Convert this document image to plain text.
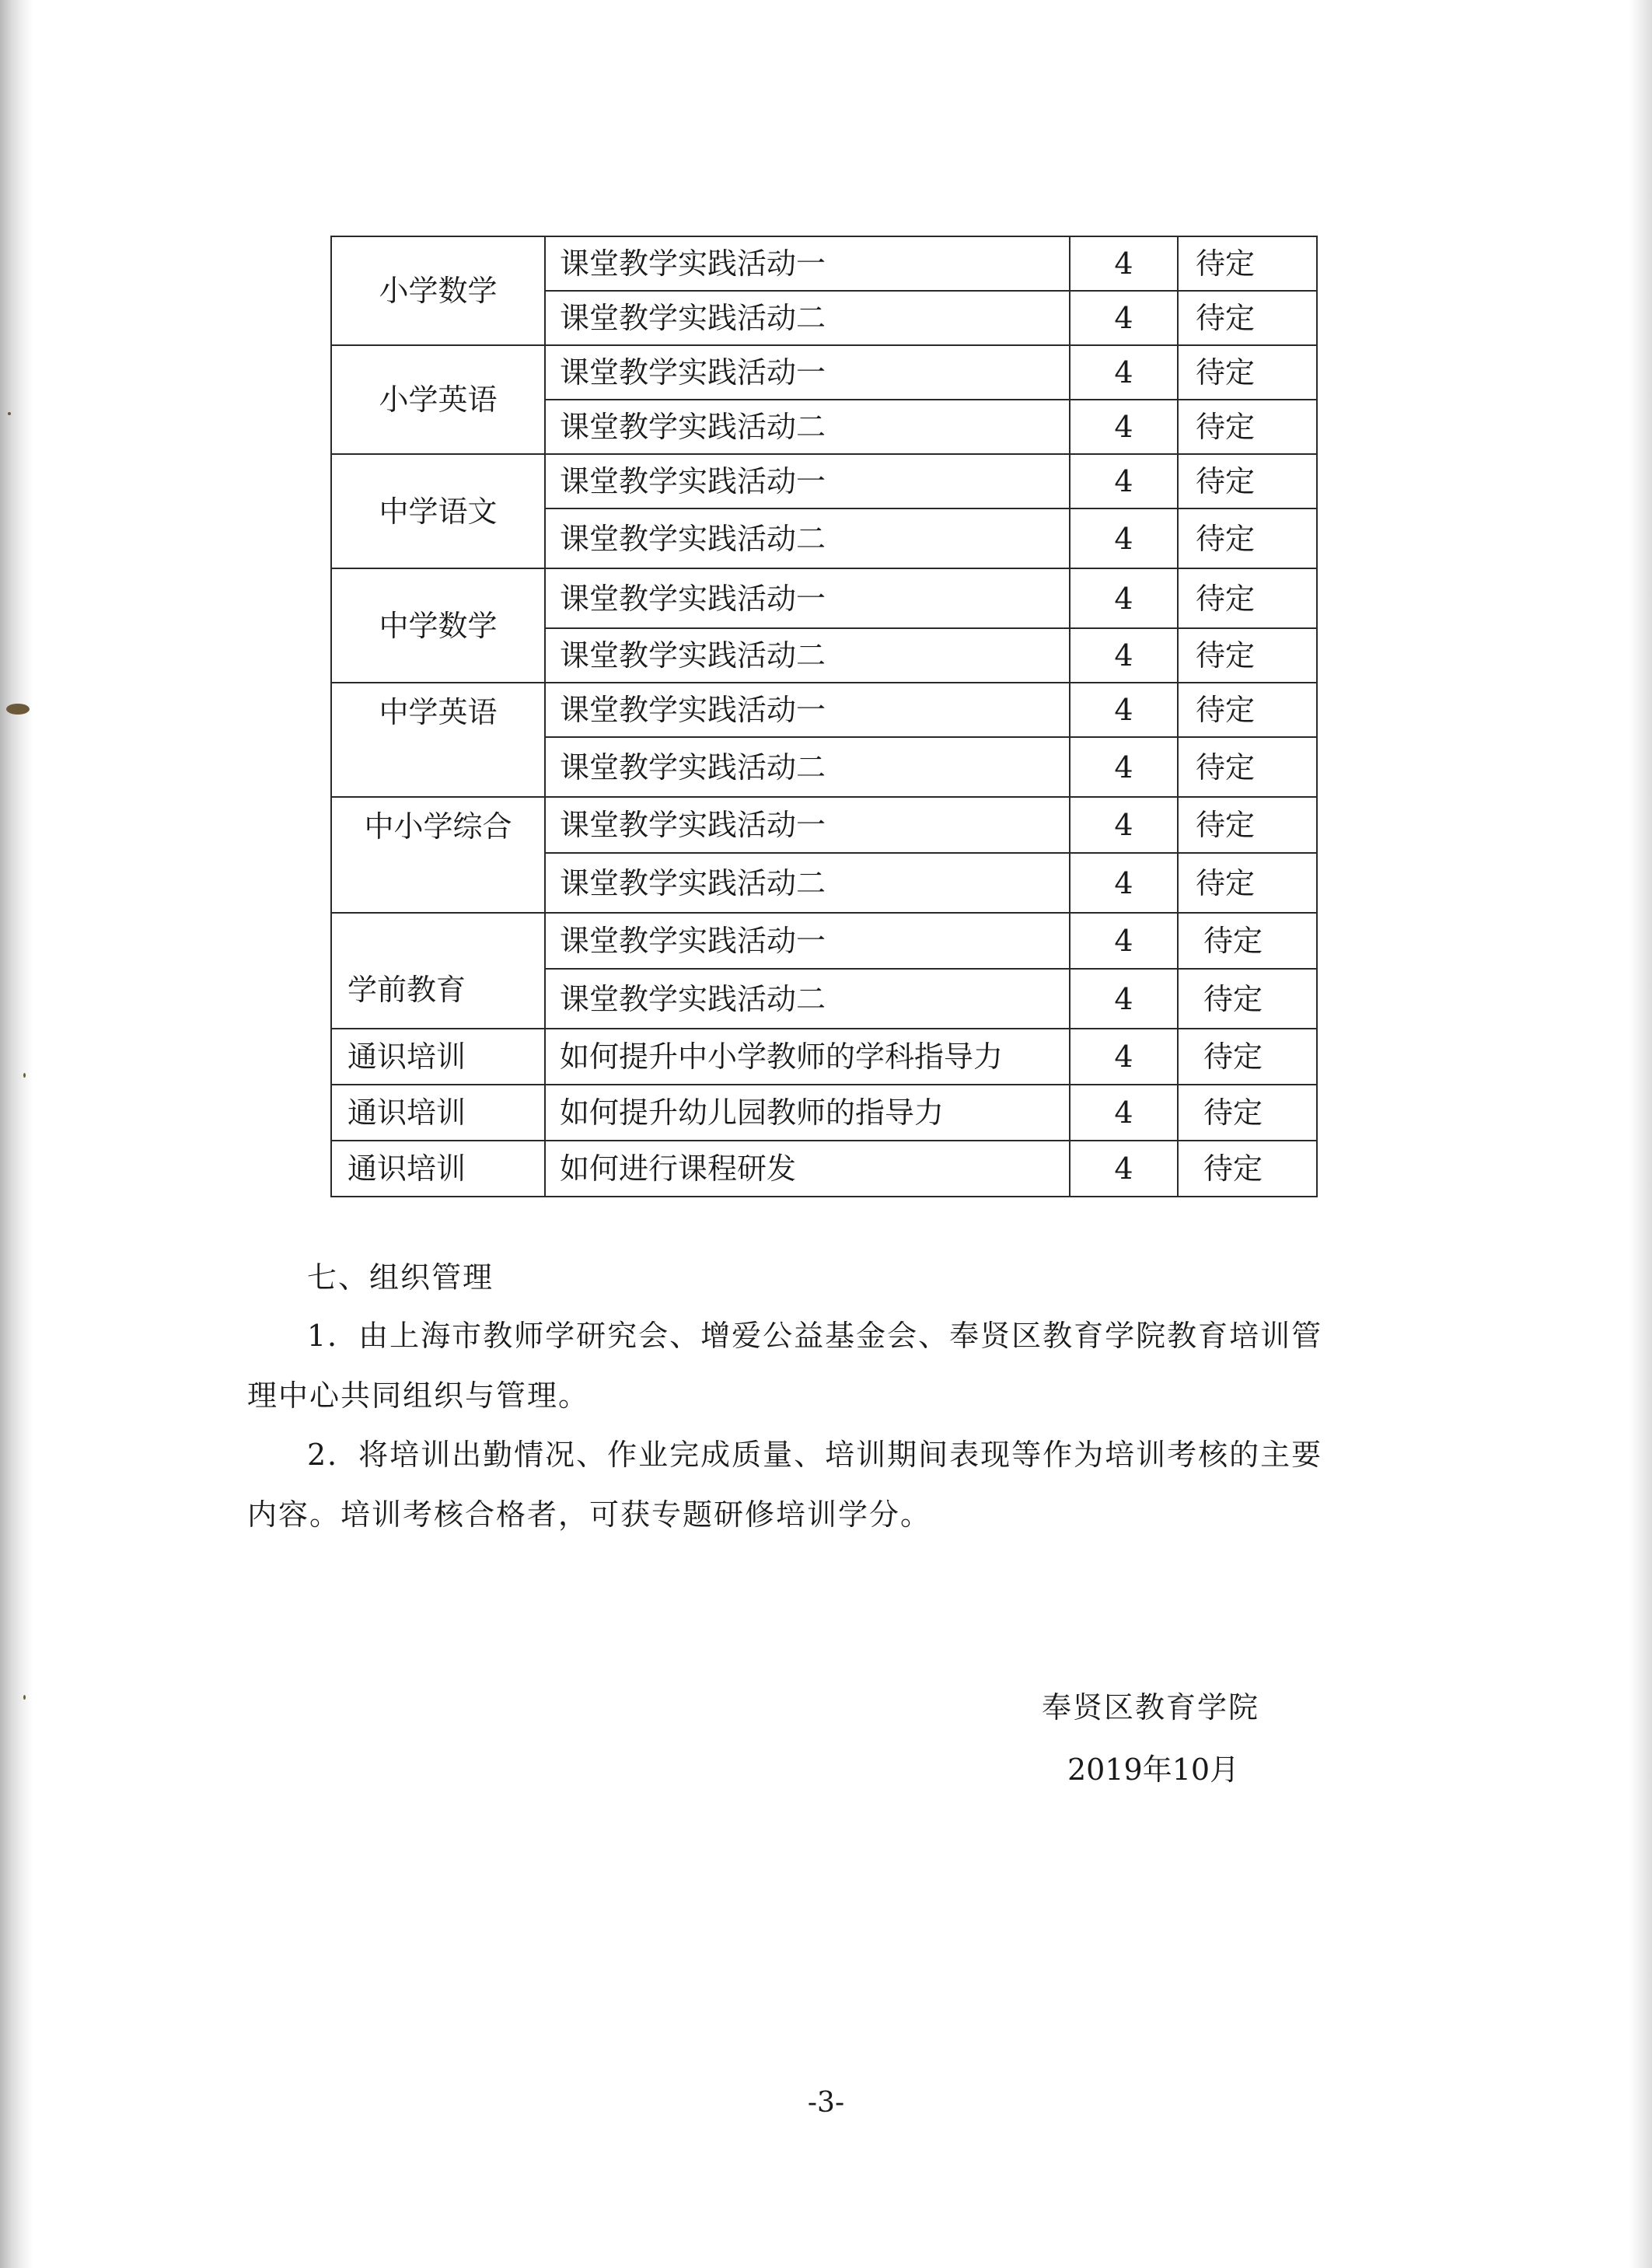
小学数学	课堂教学实践活动一	4	待定
	课堂教学实践活动二	4	待定
小学英语	课堂教学实践活动一	4	待定
	课堂教学实践活动二	4	待定
中学语文	课堂教学实践活动一	4	待定
	课堂教学实践活动二	4	待定
中学数学	课堂教学实践活动一	4	待定
	课堂教学实践活动二	4	待定
中学英语	课堂教学实践活动一	4	待定
	课堂教学实践活动二	4	待定
中小学综合	课堂教学实践活动一	4	待定
	课堂教学实践活动二	4	待定
学前教育	课堂教学实践活动一	4	待定
	课堂教学实践活动二	4	待定
通识培训	如何提升中小学教师的学科指导力	4	待定
通识培训	如何提升幼儿园教师的指导力	4	待定
通识培训	如何进行课程研发	4	待定
七、组织管理
1．由上海市教师学研究会、增爱公益基金会、奉贤区教育学院教育培训管
理中心共同组织与管理。
2．将培训出勤情况、作业完成质量、培训期间表现等作为培训考核的主要
内容。培训考核合格者，可获专题研修培训学分。
奉贤区教育学院
2019年10月
-3-
